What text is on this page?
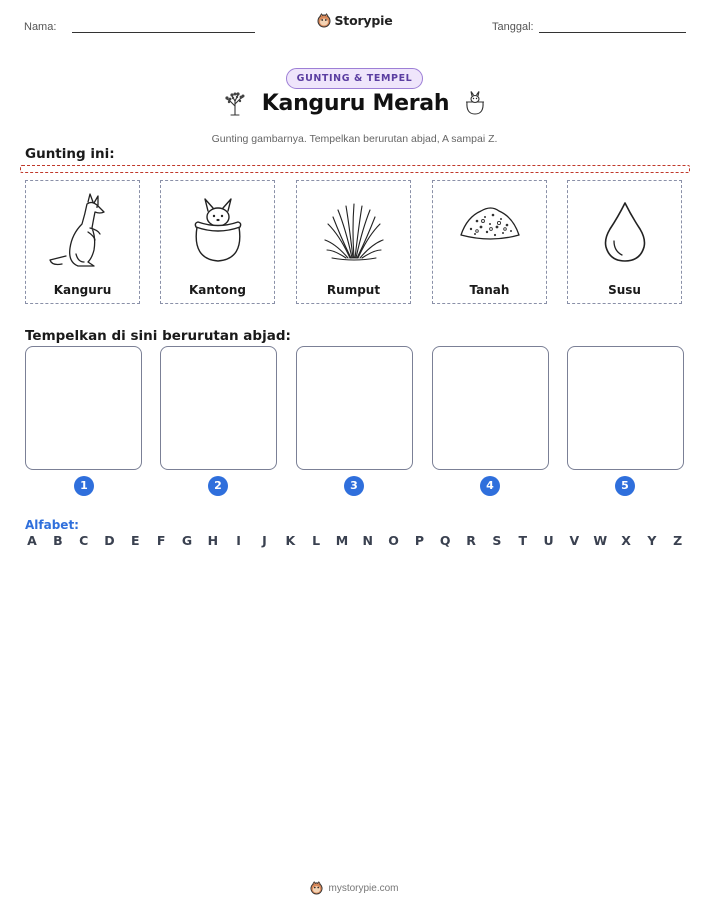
Nama:	Storypie	Tanggal:
GUNTING & TEMPEL
Kanguru Merah
Gunting gambarnya. Tempelkan berurutan abjad, A sampai Z.
Gunting ini:
Kanguru	Kantong	Rumput	Tanah	Susu
Tempelkan di sini berurutan abjad:
1	2	3	4	5
Alfabet:
A B C D E F G H	I	J	K L M N O P Q R S T U V W X Y Z
mystorypie.com
